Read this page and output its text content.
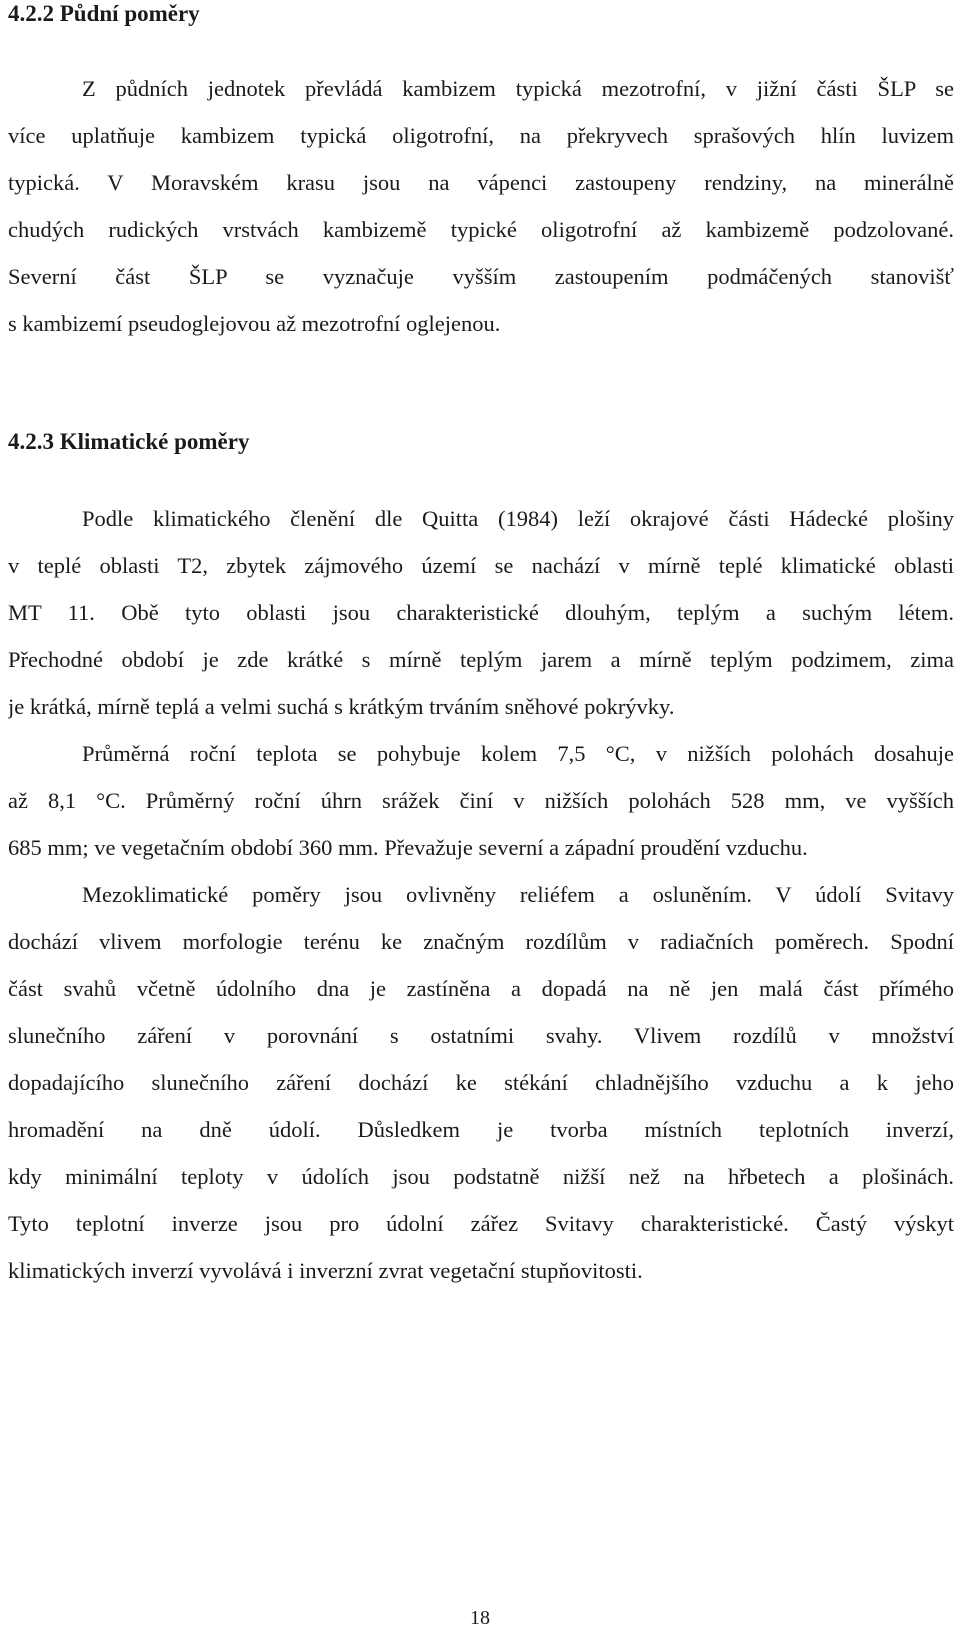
4.2.2 Půdní poměry
Z půdních jednotek převládá kambizem typická mezotrofní, v jižní části ŠLP se
více uplatňuje kambizem typická oligotrofní, na překryvech sprašových hlín luvizem
typická. V Moravském krasu jsou na vápenci zastoupeny rendziny, na minerálně
chudých rudických vrstvách kambizemě typické oligotrofní až kambizemě podzolované.
Severní část ŠLP se vyznačuje vyšším zastoupením podmáčených stanovišť
s kambizemí pseudoglejovou až mezotrofní oglejenou.
4.2.3 Klimatické poměry
Podle klimatického členění dle Quitta (1984) leží okrajové části Hádecké plošiny
v teplé oblasti T2, zbytek zájmového území se nachází v mírně teplé klimatické oblasti
MT 11. Obě tyto oblasti jsou charakteristické dlouhým, teplým a suchým létem.
Přechodné období je zde krátké s mírně teplým jarem a mírně teplým podzimem, zima
je krátká, mírně teplá a velmi suchá s krátkým trváním sněhové pokrývky.
Průměrná roční teplota se pohybuje kolem 7,5 °C, v nižších polohách dosahuje
až 8,1 °C. Průměrný roční úhrn srážek činí v nižších polohách 528 mm, ve vyšších
685 mm; ve vegetačním období 360 mm. Převažuje severní a západní proudění vzduchu.
Mezoklimatické poměry jsou ovlivněny reliéfem a osluněním. V údolí Svitavy
dochází vlivem morfologie terénu ke značným rozdílům v radiačních poměrech. Spodní
část svahů včetně údolního dna je zastíněna a dopadá na ně jen malá část přímého
slunečního záření v porovnání s ostatními svahy. Vlivem rozdílů v množství
dopadajícího slunečního záření dochází ke stékání chladnějšího vzduchu a k jeho
hromadění na dně údolí. Důsledkem je tvorba místních teplotních inverzí,
kdy minimální teploty v údolích jsou podstatně nižší než na hřbetech a plošinách.
Tyto teplotní inverze jsou pro údolní zářez Svitavy charakteristické. Častý výskyt
klimatických inverzí vyvolává i inverzní zvrat vegetační stupňovitosti.
18
